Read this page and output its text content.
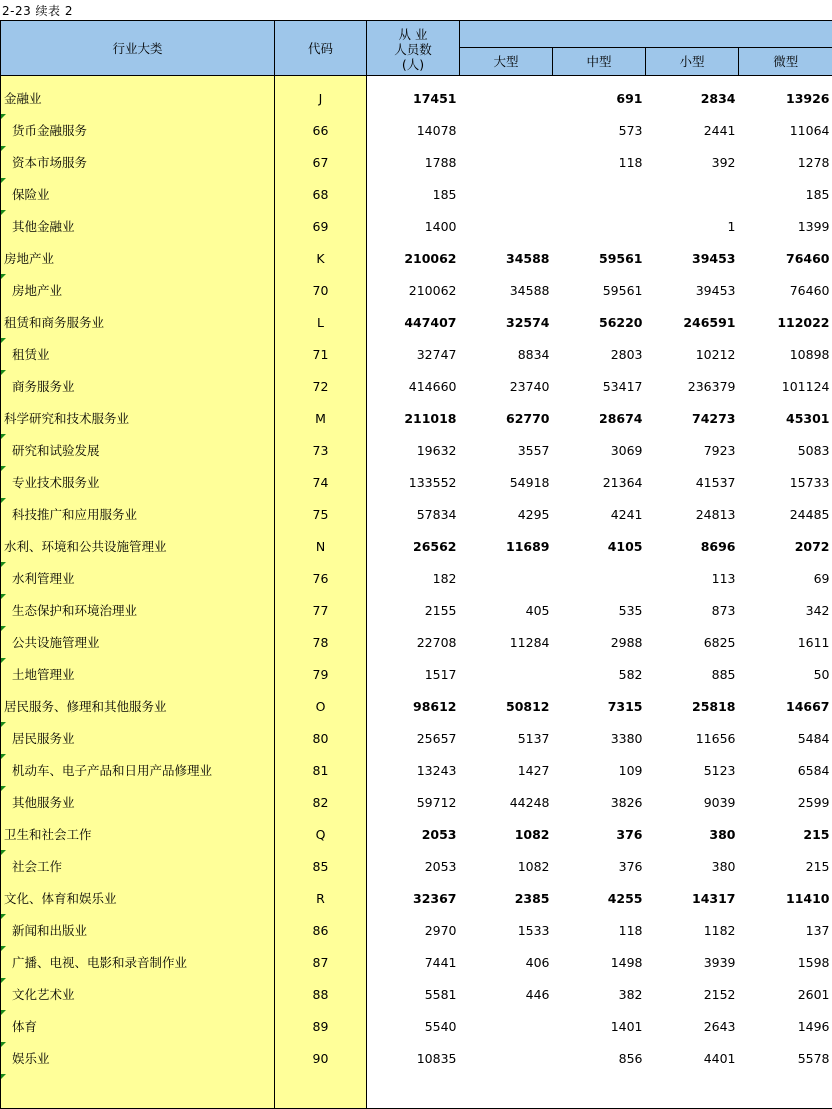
2-23 续表 2
行业大类	代码	从 业
人员数
(人)				

			大型	中型	小型	微型
金融业	J	17451		691	2834	13926
货币金融服务	66	14078		573	2441	11064
资本市场服务	67	1788		118	392	1278
保险业	68	185				185
其他金融业	69	1400			1	1399
房地产业	K	210062	34588	59561	39453	76460
房地产业	70	210062	34588	59561	39453	76460
租赁和商务服务业	L	447407	32574	56220	246591	112022
租赁业	71	32747	8834	2803	10212	10898
商务服务业	72	414660	23740	53417	236379	101124
科学研究和技术服务业	M	211018	62770	28674	74273	45301
研究和试验发展	73	19632	3557	3069	7923	5083
专业技术服务业	74	133552	54918	21364	41537	15733
科技推广和应用服务业	75	57834	4295	4241	24813	24485
水利、环境和公共设施管理业	N	26562	11689	4105	8696	2072
水利管理业	76	182			113	69
生态保护和环境治理业	77	2155	405	535	873	342
公共设施管理业	78	22708	11284	2988	6825	1611
土地管理业	79	1517		582	885	50
居民服务、修理和其他服务业	O	98612	50812	7315	25818	14667
居民服务业	80	25657	5137	3380	11656	5484
机动车、电子产品和日用产品修理业	81	13243	1427	109	5123	6584
其他服务业	82	59712	44248	3826	9039	2599
卫生和社会工作	Q	2053	1082	376	380	215
社会工作	85	2053	1082	376	380	215
文化、体育和娱乐业	R	32367	2385	4255	14317	11410
新闻和出版业	86	2970	1533	118	1182	137
广播、电视、电影和录音制作业	87	7441	406	1498	3939	1598
文化艺术业	88	5581	446	382	2152	2601
体育	89	5540		1401	2643	1496
娱乐业	90	10835		856	4401	5578
